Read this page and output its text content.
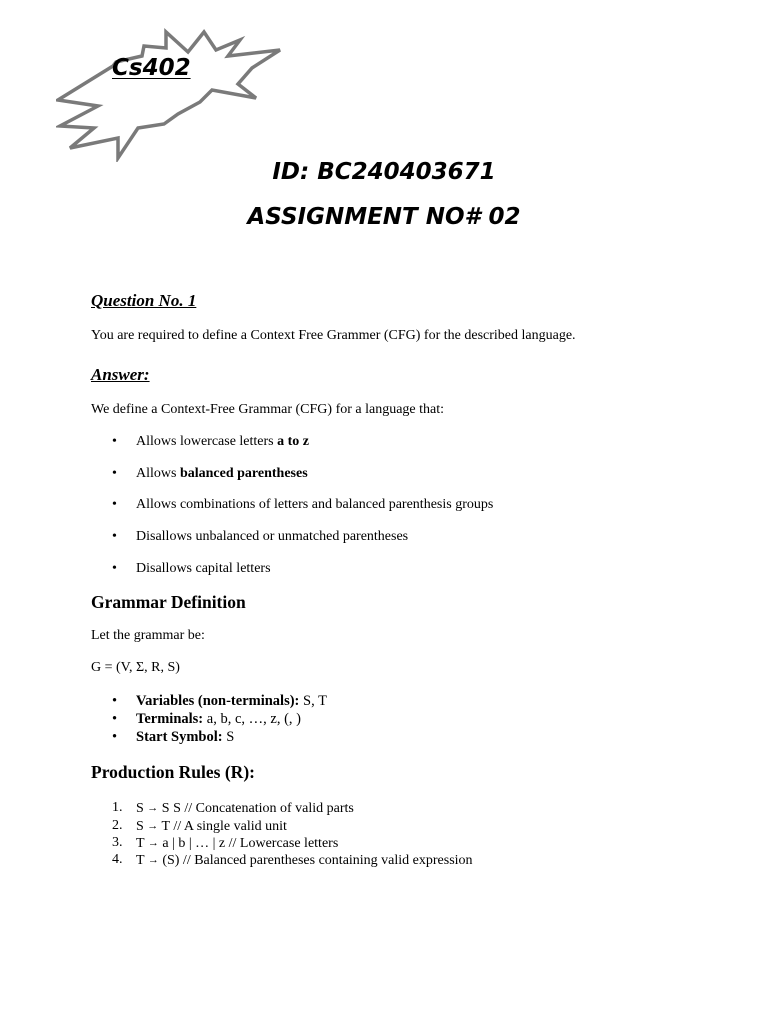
Cs402

ID: BC240403671

ASSIGNMENT NO# 02

Question No. 1

You are required to define a Context Free Grammer (CFG) for the described language.

Answer:

We define a Context-Free Grammar (CFG) for a language that:

• Allows lowercase letters a to z
• Allows balanced parentheses
• Allows combinations of letters and balanced parenthesis groups
• Disallows unbalanced or unmatched parentheses
• Disallows capital letters

Grammar Definition

Let the grammar be:

G = (V, Σ, R, S)

• Variables (non-terminals): S, T
• Terminals: a, b, c, …, z, (, )
• Start Symbol: S

Production Rules (R):

1. S → S S // Concatenation of valid parts
2. S → T // A single valid unit
3. T → a | b | … | z // Lowercase letters
4. T → (S) // Balanced parentheses containing valid expression
